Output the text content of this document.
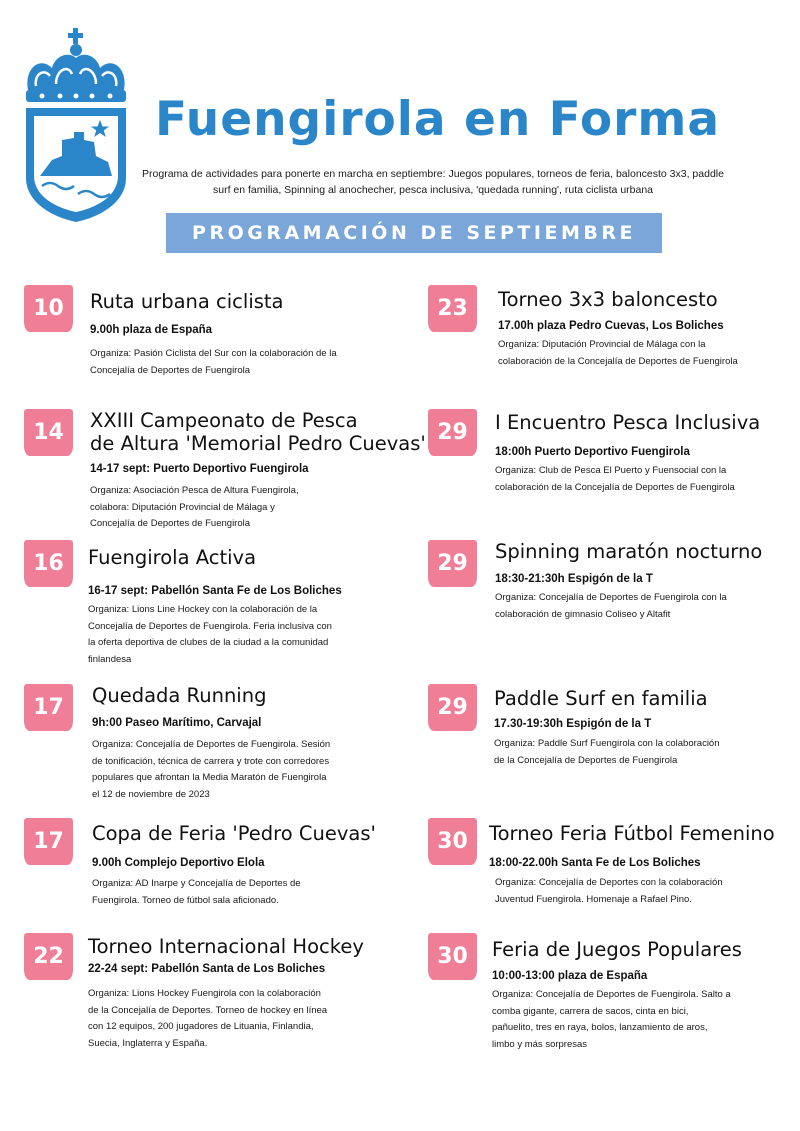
Fuengirola en Forma
Programa de actividades para ponerte en marcha en septiembre: Juegos populares, torneos de feria, baloncesto 3x3, paddle surf en familia, Spinning al anochecher, pesca inclusiva, 'quedada running', ruta ciclista urbana
PROGRAMACIÓN DE SEPTIEMBRE
10	Ruta urbana ciclista
9.00h plaza de España
Organiza: Pasión Ciclista del Sur con la colaboración de la Concejalía de Deportes de Fuengirola
14	XXIII Campeonato de Pesca
de Altura 'Memorial Pedro Cuevas'
14-17 sept: Puerto Deportivo Fuengirola
Organiza: Asociación Pesca de Altura Fuengirola, colabora: Diputación Provincial de Málaga y Concejalía de Deportes de Fuengirola
16	Fuengirola Activa
16-17 sept: Pabellón Santa Fe de Los Boliches
Organiza: Lions Line Hockey con la colaboración de la Concejalía de Deportes de Fuengirola. Feria inclusiva con la oferta deportiva de clubes de la ciudad a la comunidad finlandesa
17	Quedada Running
9h:00 Paseo Marítimo, Carvajal
Organiza: Concejalía de Deportes de Fuengirola. Sesión de tonificación, técnica de carrera y trote con corredores populares que afrontan la Media Maratón de Fuengirola el 12 de noviembre de 2023
17	Copa de Feria 'Pedro Cuevas'
9.00h Complejo Deportivo Elola
Organiza: AD Inarpe y Concejalía de Deportes de Fuengirola. Torneo de fútbol sala aficionado.
22	Torneo Internacional Hockey
22-24 sept: Pabellón Santa de Los Boliches
Organiza: Lions Hockey Fuengirola con la colaboración de la Concejalía de Deportes. Torneo de hockey en línea con 12 equipos, 200 jugadores de Lituania, Finlandia, Suecia, Inglaterra y España.
23	Torneo 3x3 baloncesto
17.00h plaza Pedro Cuevas, Los Boliches
Organiza: Diputación Provincial de Málaga con la colaboración de la Concejalía de Deportes de Fuengirola
29	I Encuentro Pesca Inclusiva
18:00h Puerto Deportivo Fuengirola
Organiza: Club de Pesca El Puerto y Fuensocial con la colaboración de la Concejalía de Deportes de Fuengirola
29	Spinning maratón nocturno
18:30-21:30h Espigón de la T
Organiza: Concejalía de Deportes de Fuengirola con la colaboración de gimnasio Coliseo y Altafit
29	Paddle Surf en familia
17.30-19:30h Espigón de la T
Organiza: Paddle Surf Fuengirola con la colaboración de la Concejalía de Deportes de Fuengirola
30	Torneo Feria Fútbol Femenino
18:00-22.00h Santa Fe de Los Boliches
Organiza: Concejalía de Deportes con la colaboración Juventud Fuengirola. Homenaje a Rafael Pino.
30	Feria de Juegos Populares
10:00-13:00 plaza de España
Organiza: Concejalía de Deportes de Fuengirola. Salto a comba gigante, carrera de sacos, cinta en bici, pañuelito, tres en raya, bolos, lanzamiento de aros, limbo y más sorpresas
